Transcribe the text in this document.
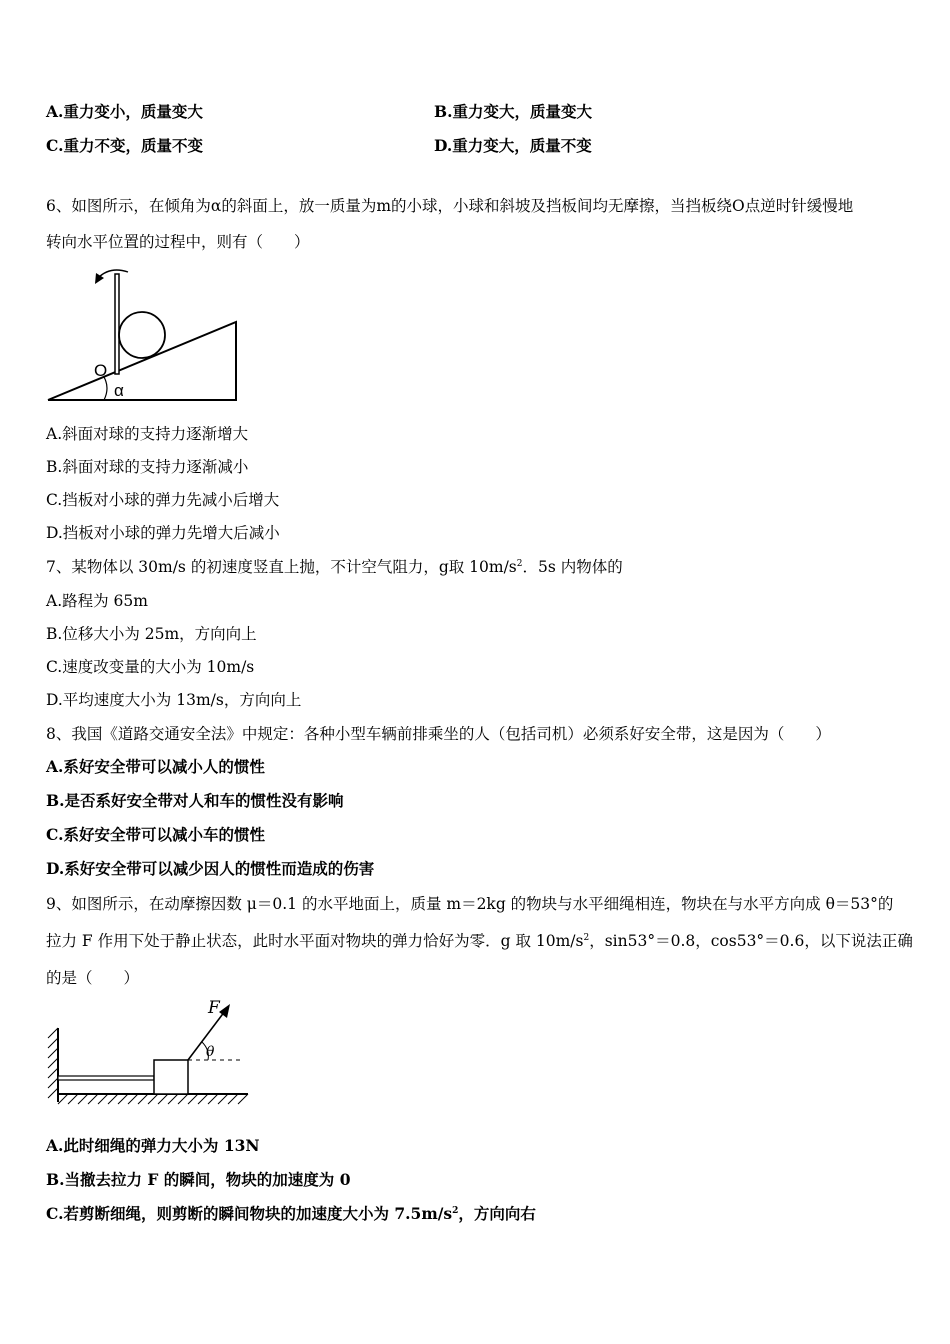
A.重力变小，质量变大	B.重力变大，质量变大
C.重力不变，质量不变	D.重力变大，质量不变
6、如图所示，在倾角为α的斜面上，放一质量为m的小球，小球和斜坡及挡板间均无摩擦，当挡板绕O点逆时针缓慢地
转向水平位置的过程中，则有（　　）
O
α
A.斜面对球的支持力逐渐增大
B.斜面对球的支持力逐渐减小
C.挡板对小球的弹力先减小后增大
D.挡板对小球的弹力先增大后减小
7、某物体以 30m/s 的初速度竖直上抛，不计空气阻力，g取 $10m/s^2$．5s 内物体的
A.路程为 65m
B.位移大小为 25m，方向向上
C.速度改变量的大小为 10m/s
D.平均速度大小为 13m/s，方向向上
8、我国《道路交通安全法》中规定：各种小型车辆前排乘坐的人（包括司机）必须系好安全带，这是因为（　　）
A.系好安全带可以减小人的惯性
B.是否系好安全带对人和车的惯性没有影响
C.系好安全带可以减小车的惯性
D.系好安全带可以减少因人的惯性而造成的伤害
9、如图所示，在动摩擦因数 μ＝0.1 的水平地面上，质量 m＝2kg 的物块与水平细绳相连，物块在与水平方向成 θ＝53°的
拉力 F 作用下处于静止状态，此时水平面对物块的弹力恰好为零．g 取 $10m/s^2$，sin53°＝0.8，cos53°＝0.6，以下说法正确
的是（　　）
F
θ
A.此时细绳的弹力大小为 13N
B.当撤去拉力 F 的瞬间，物块的加速度为 0
C.若剪断细绳，则剪断的瞬间物块的加速度大小为 $7.5m/s^2$，方向向右
